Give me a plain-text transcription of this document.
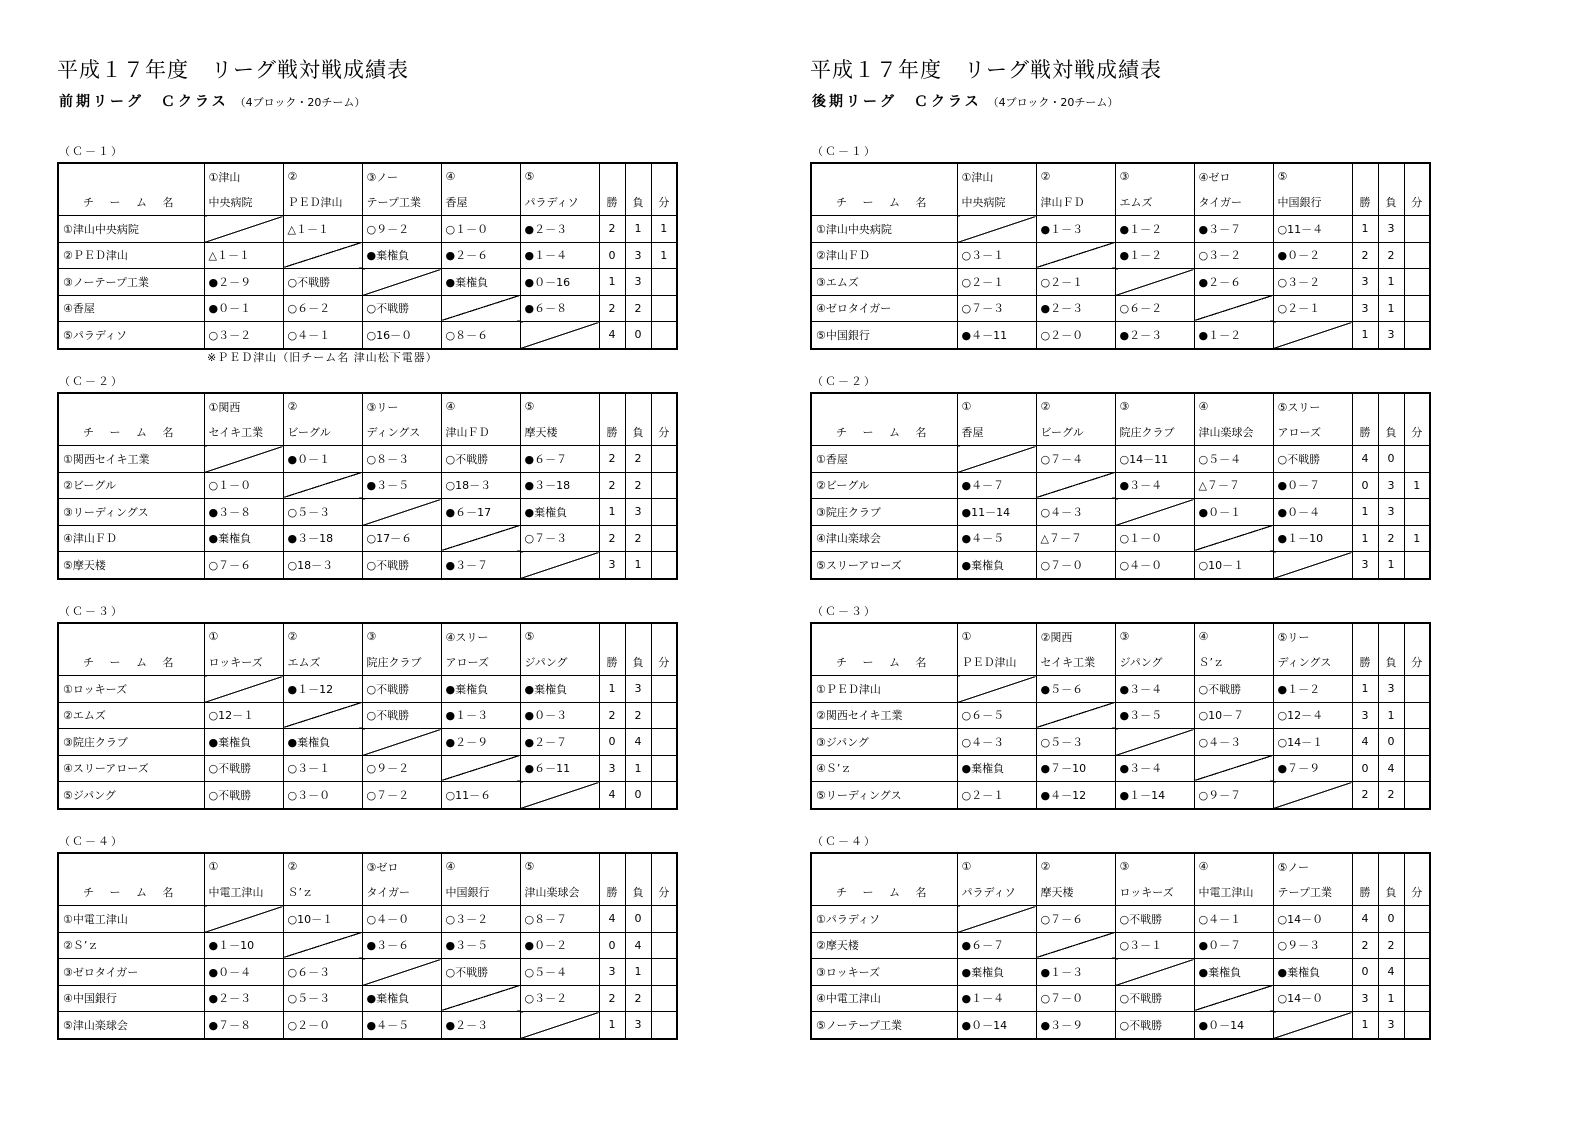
平成１７年度　リーグ戦対戦成績表
前期リーグ　Ｃクラス （4ブロック・20チーム）
（Ｃ－１）
	①津山	②	③ノー	④	⑤			
チ ー ム 名	中央病院	ＰＥＤ津山	テープ工業	香屋	パラディソ	勝	負	分
①津山中央病院		△１－１	○９－２	○１－０	●２－３	2	1	1
②ＰＥＤ津山	△１－１		●棄権負	●２－６	●１－４	0	3	1
③ノーテープ工業	●２－９	○不戦勝		●棄権負	●０－16	1	3	
④香屋	●０－１	○６－２	○不戦勝		●６－８	2	2	
⑤パラディソ	○３－２	○４－１	○16－０	○８－６		4	0	
※ＰＥＤ津山（旧チーム名 津山松下電器）
（Ｃ－２）
	①関西	②	③リー	④	⑤			
チ ー ム 名	セイキ工業	ビーグル	ディングス	津山ＦＤ	摩天楼	勝	負	分
①関西セイキ工業		●０－１	○８－３	○不戦勝	●６－７	2	2	
②ビーグル	○１－０		●３－５	○18－３	●３－18	2	2	
③リーディングス	●３－８	○５－３		●６－17	●棄権負	1	3	
④津山ＦＤ	●棄権負	●３－18	○17－６		○７－３	2	2	
⑤摩天楼	○７－６	○18－３	○不戦勝	●３－７		3	1	
（Ｃ－３）
	①	②	③	④スリー	⑤			
チ ー ム 名	ロッキーズ	エムズ	院庄クラブ	アローズ	ジパング	勝	負	分
①ロッキーズ		●１－12	○不戦勝	●棄権負	●棄権負	1	3	
②エムズ	○12－１		○不戦勝	●１－３	●０－３	2	2	
③院庄クラブ	●棄権負	●棄権負		●２－９	●２－７	0	4	
④スリーアローズ	○不戦勝	○３－１	○９－２		●６－11	3	1	
⑤ジパング	○不戦勝	○３－０	○７－２	○11－６		4	0	
（Ｃ－４）
	①	②	③ゼロ	④	⑤			
チ ー ム 名	中電工津山	Ｓ’ｚ	タイガー	中国銀行	津山楽球会	勝	負	分
①中電工津山		○10－１	○４－０	○３－２	○８－７	4	0	
②Ｓ’ｚ	●１－10		●３－６	●３－５	●０－２	0	4	
③ゼロタイガー	●０－４	○６－３		○不戦勝	○５－４	3	1	
④中国銀行	●２－３	○５－３	●棄権負		○３－２	2	2	
⑤津山楽球会	●７－８	○２－０	●４－５	●２－３		1	3	
平成１７年度　リーグ戦対戦成績表
後期リーグ　Ｃクラス （4ブロック・20チーム）
（Ｃ－１）
	①津山	②	③	④ゼロ	⑤			
チ ー ム 名	中央病院	津山ＦＤ	エムズ	タイガー	中国銀行	勝	負	分
①津山中央病院		●１－３	●１－２	●３－７	○11－４	1	3	
②津山ＦＤ	○３－１		●１－２	○３－２	●０－２	2	2	
③エムズ	○２－１	○２－１		●２－６	○３－２	3	1	
④ゼロタイガー	○７－３	●２－３	○６－２		○２－１	3	1	
⑤中国銀行	●４－11	○２－０	●２－３	●１－２		1	3	
（Ｃ－２）
	①	②	③	④	⑤スリー			
チ ー ム 名	香屋	ビーグル	院庄クラブ	津山楽球会	アローズ	勝	負	分
①香屋		○７－４	○14－11	○５－４	○不戦勝	4	0	
②ビーグル	●４－７		●３－４	△７－７	●０－７	0	3	1
③院庄クラブ	●11－14	○４－３		●０－１	●０－４	1	3	
④津山楽球会	●４－５	△７－７	○１－０		●１－10	1	2	1
⑤スリーアローズ	●棄権負	○７－０	○４－０	○10－１		3	1	
（Ｃ－３）
	①	②関西	③	④	⑤リー			
チ ー ム 名	ＰＥＤ津山	セイキ工業	ジパング	Ｓ’ｚ	ディングス	勝	負	分
①ＰＥＤ津山		●５－６	●３－４	○不戦勝	●１－２	1	3	
②関西セイキ工業	○６－５		●３－５	○10－７	○12－４	3	1	
③ジパング	○４－３	○５－３		○４－３	○14－１	4	0	
④Ｓ’ｚ	●棄権負	●７－10	●３－４		●７－９	0	4	
⑤リーディングス	○２－１	●４－12	●１－14	○９－７		2	2	
（Ｃ－４）
	①	②	③	④	⑤ノー			
チ ー ム 名	パラディソ	摩天楼	ロッキーズ	中電工津山	テープ工業	勝	負	分
①パラディソ		○７－６	○不戦勝	○４－１	○14－０	4	0	
②摩天楼	●６－７		○３－１	●０－７	○９－３	2	2	
③ロッキーズ	●棄権負	●１－３		●棄権負	●棄権負	0	4	
④中電工津山	●１－４	○７－０	○不戦勝		○14－０	3	1	
⑤ノーテープ工業	●０－14	●３－９	○不戦勝	●０－14		1	3	
